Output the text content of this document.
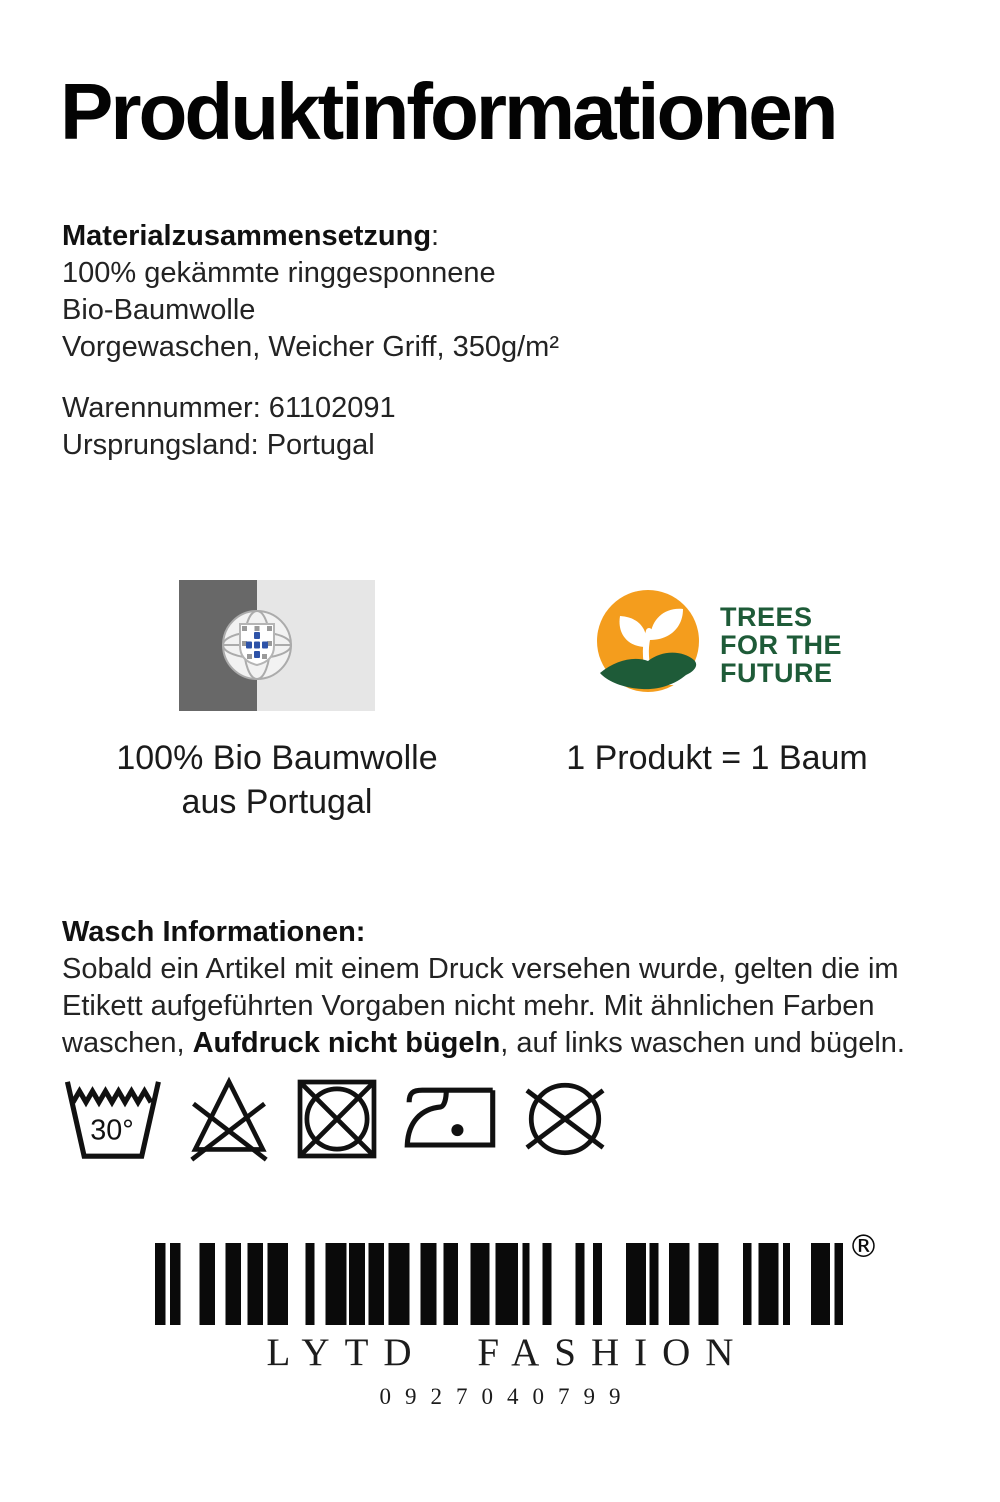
Produktinformationen
Materialzusammensetzung:
100% gekämmte ringgesponnene
Bio-Baumwolle
Vorgewaschen, Weicher Griff, 350g/m²
Warennummer: 61102091
Ursprungsland: Portugal
100% Bio Baumwolle
aus Portugal
TREES
FOR THE
FUTURE
1 Produkt = 1 Baum
Wasch Informationen:
Sobald ein Artikel mit einem Druck versehen wurde, gelten die im
Etikett aufgeführten Vorgaben nicht mehr. Mit ähnlichen Farben
waschen, Aufdruck nicht bügeln, auf links waschen und bügeln.
30°
®
LYTD FASHION
0927040799
